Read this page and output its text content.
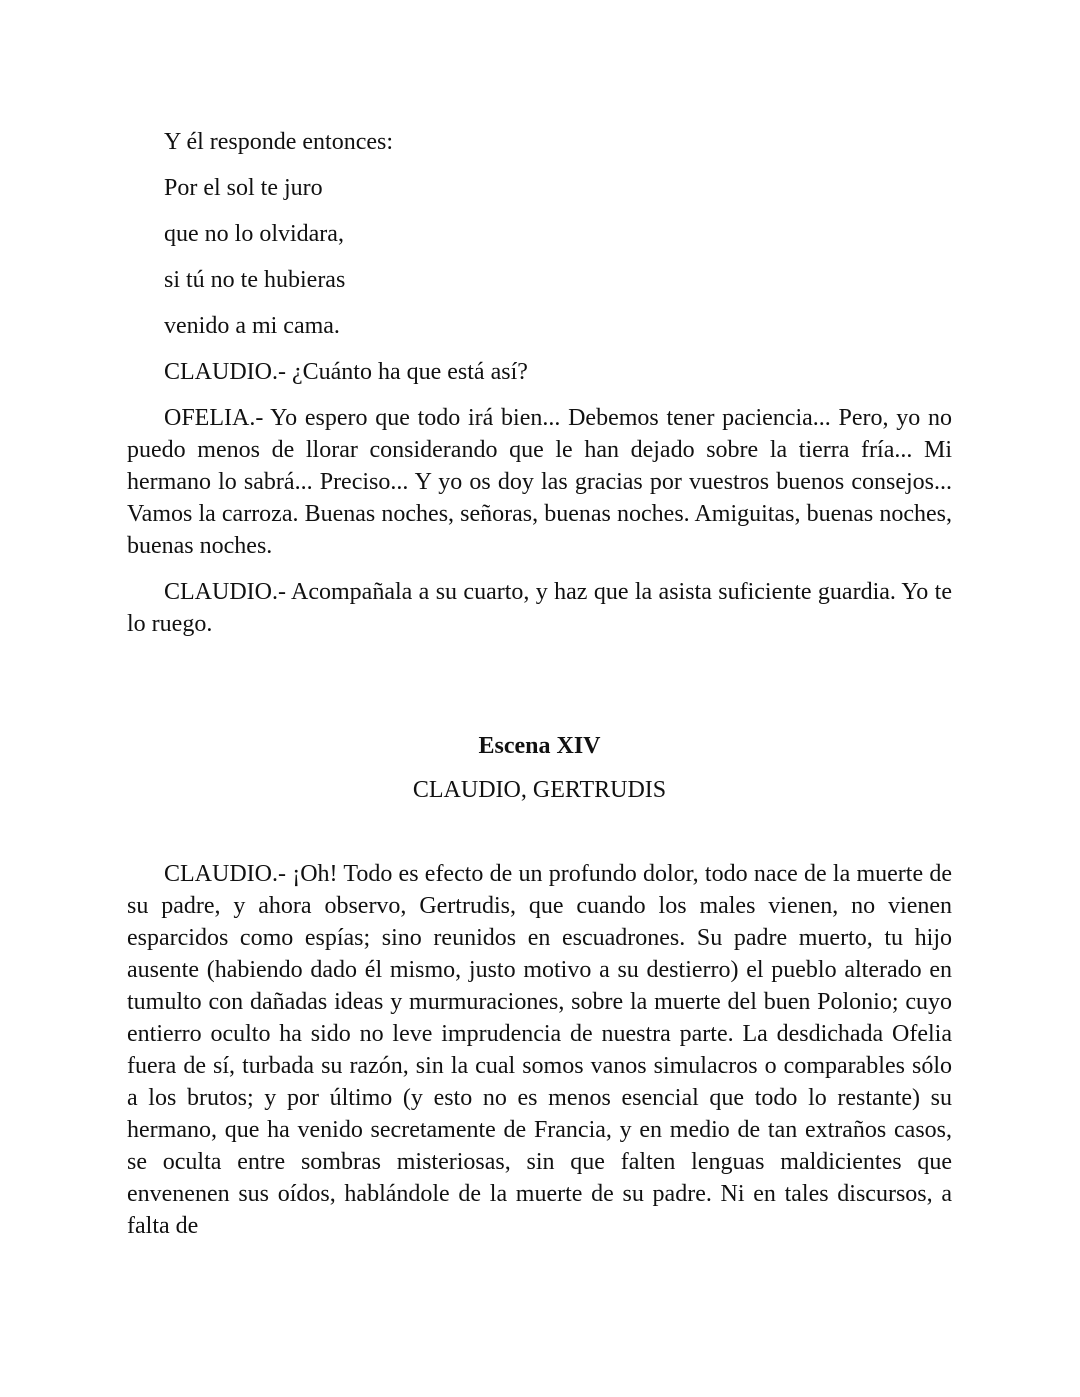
Y él responde entonces:

Por el sol te juro

que no lo olvidara,

si tú no te hubieras

venido a mi cama.

CLAUDIO.- ¿Cuánto ha que está así?

OFELIA.- Yo espero que todo irá bien... Debemos tener paciencia... Pero, yo no puedo menos de llorar considerando que le han dejado sobre la tierra fría... Mi hermano lo sabrá... Preciso... Y yo os doy las gracias por vuestros buenos consejos... Vamos la carroza. Buenas noches, señoras, buenas noches. Amiguitas, buenas noches, buenas noches.

CLAUDIO.- Acompañala a su cuarto, y haz que la asista suficiente guardia. Yo te lo ruego.

Escena XIV

CLAUDIO, GERTRUDIS

CLAUDIO.- ¡Oh! Todo es efecto de un profundo dolor, todo nace de la muerte de su padre, y ahora observo, Gertrudis, que cuando los males vienen, no vienen esparcidos como espías; sino reunidos en escuadrones. Su padre muerto, tu hijo ausente (habiendo dado él mismo, justo motivo a su destierro) el pueblo alterado en tumulto con dañadas ideas y murmuraciones, sobre la muerte del buen Polonio; cuyo entierro oculto ha sido no leve imprudencia de nuestra parte. La desdichada Ofelia fuera de sí, turbada su razón, sin la cual somos vanos simulacros o comparables sólo a los brutos; y por último (y esto no es menos esencial que todo lo restante) su hermano, que ha venido secretamente de Francia, y en medio de tan extraños casos, se oculta entre sombras misteriosas, sin que falten lenguas maldicientes que envenenen sus oídos, hablándole de la muerte de su padre. Ni en tales discursos, a falta de
